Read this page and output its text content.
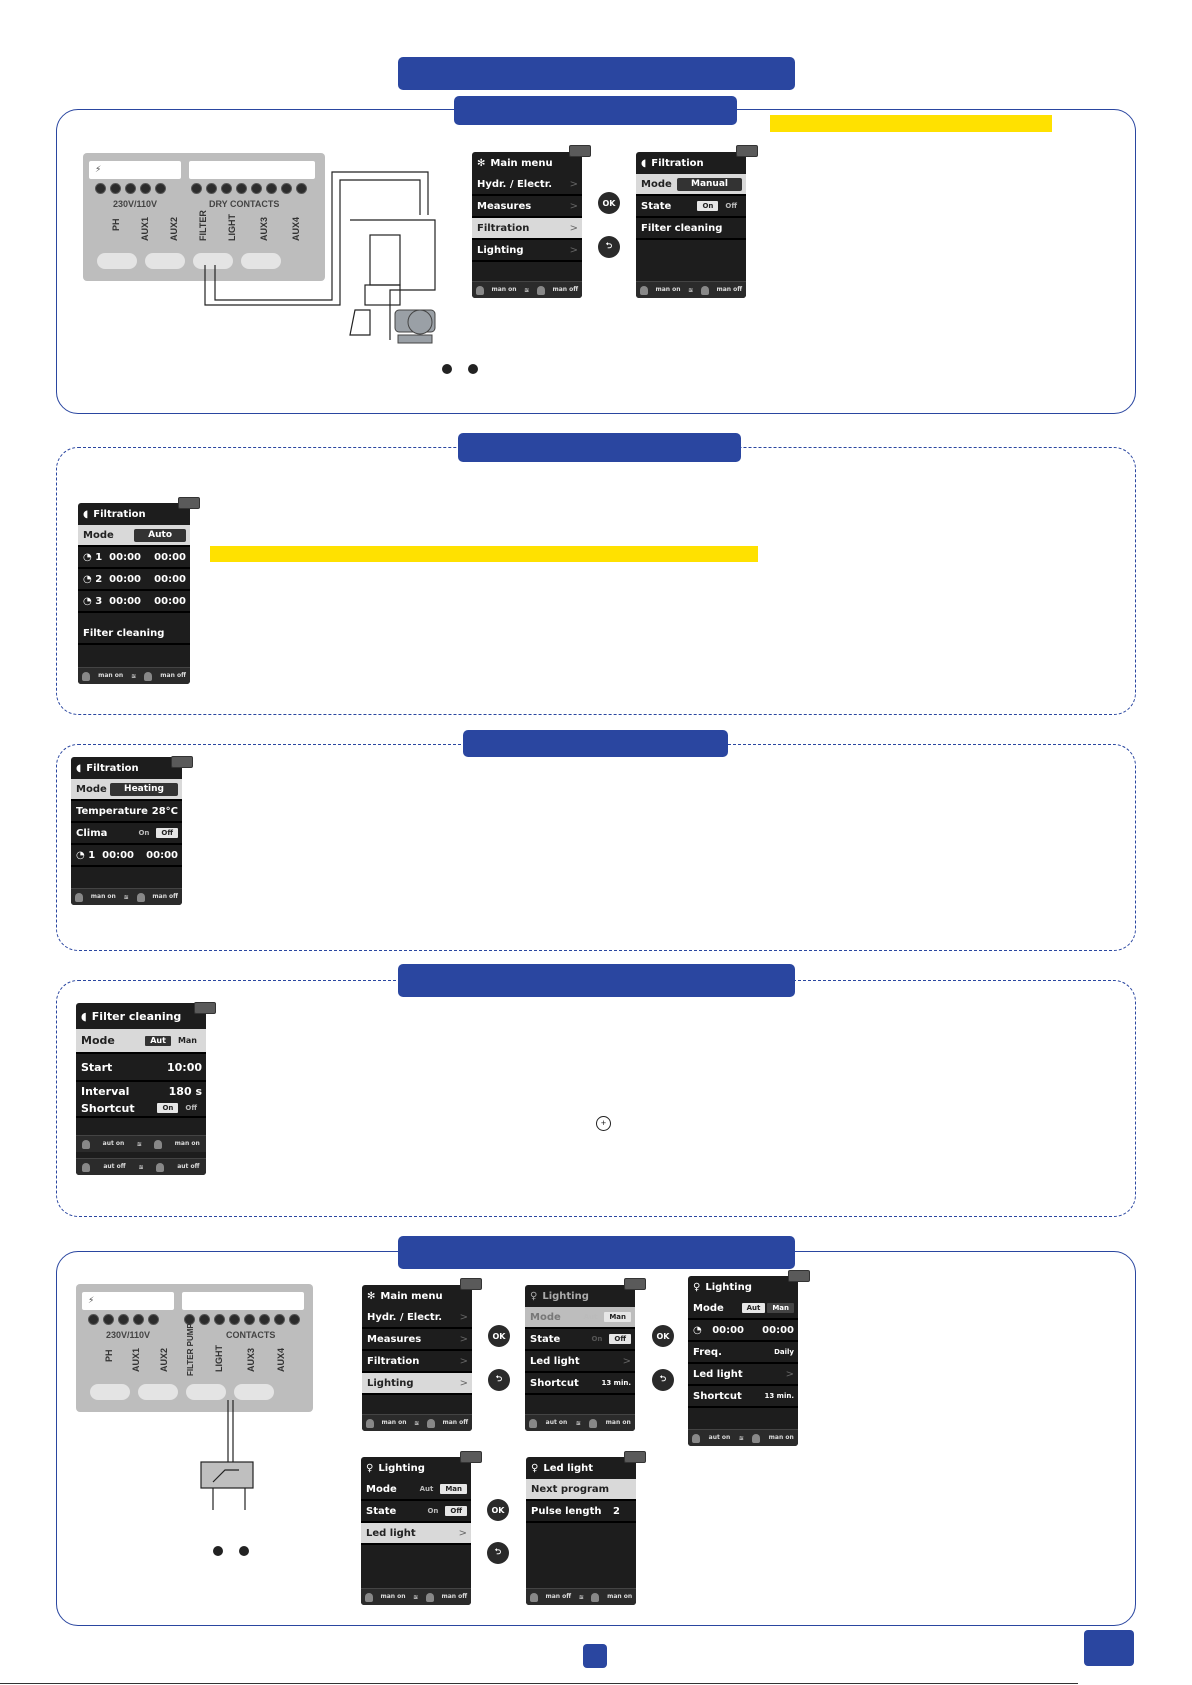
⚡
230V/110V	DRY CONTACTS
PH AUX1 AUX2 FILTER LIGHT AUX3 AUX4
✻ Main menu
Hydr. / Electr. >
Measures	>
Filtration	>
Lighting	>
man on ≋	man off
OK
⮌
◖ Filtration
Mode	Manual
State	On	Off
Filter cleaning
man on ≋	man off
◖ Filtration
Mode	Auto
◔
1
00:00 00:00
◔
2
00:00 00:00
◔
3
00:00 00:00
Filter cleaning
man on ≋	man off
◖ Filtration
Mode	Heating
Temperature 28°C
Clima	On	Off
◔
1
00:00 00:00
man on ≋	man off
◖ Filter cleaning
Mode	Aut	Man
Start	10:00
Interval	180 s
Shortcut	On	Off
aut on ≋	man on
aut off ≋	aut off
+
⚡
230V/110V	CONTACTS
PH AUX1 AUX2 FILTER PUMP LIGHT AUX3 AUX4
✻ Main menu
Hydr. / Electr. >
Measures	>
Filtration	>
Lighting	>
man on ≋	man off
OK
⮌
♀ Lighting
Mode	Aut	Man
State	On	Off
Led light	>
Shortcut	13 min.
aut on ≋	man on
OK
⮌
♀ Lighting
Mode	Aut	Man
◔
00:00 00:00
Freq.	Daily
Led light	>
Shortcut	13 min.
aut on ≋	man on
♀ Lighting
Mode	Aut	Man
State	On	Off
Led light	>
man on ≋	man off
OK
⮌
♀ Led light
Next program
Pulse length 2
man off ≋	man on
